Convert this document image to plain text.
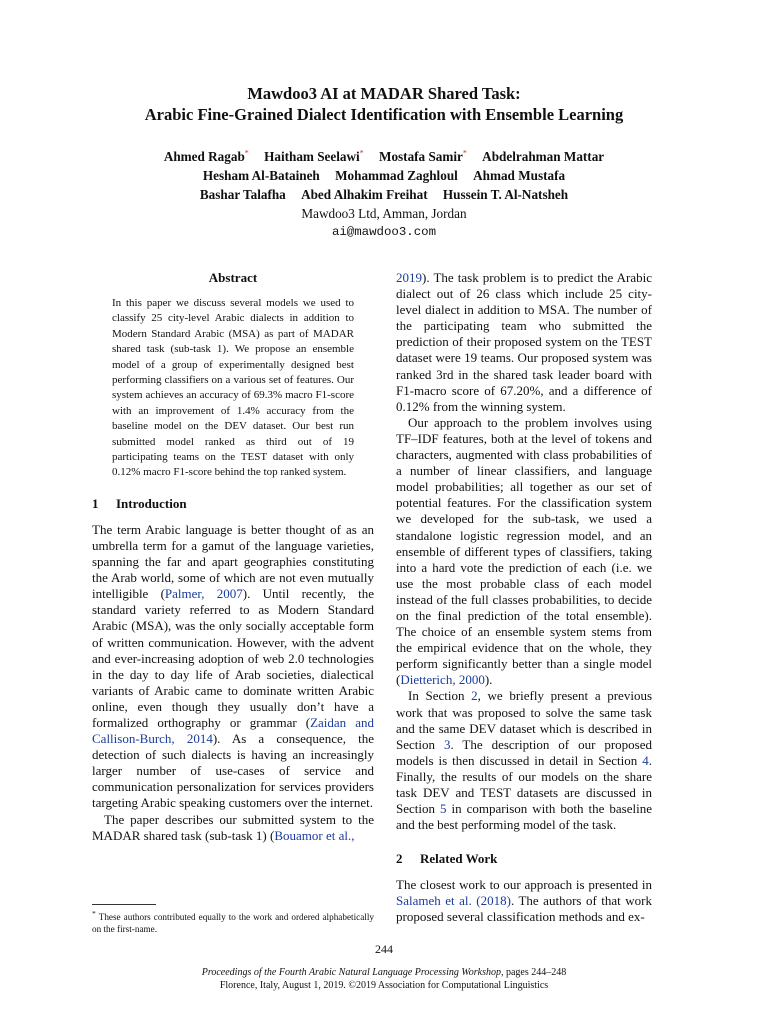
Mawdoo3 AI at MADAR Shared Task:
Arabic Fine-Grained Dialect Identification with Ensemble Learning
Ahmed Ragab* Haitham Seelawi* Mostafa Samir* Abdelrahman Mattar
Hesham Al-Bataineh Mohammad Zaghloul Ahmad Mustafa
Bashar Talafha Abed Alhakim Freihat Hussein T. Al-Natsheh
Mawdoo3 Ltd, Amman, Jordan
ai@mawdoo3.com
Abstract
In this paper we discuss several models we used to classify 25 city-level Arabic dialects in addition to Modern Standard Arabic (MSA) as part of MADAR shared task (sub-task 1). We propose an ensemble model of a group of experimentally designed best performing classifiers on a various set of features. Our system achieves an accuracy of 69.3% macro F1-score with an improvement of 1.4% accuracy from the baseline model on the DEV dataset. Our best run submitted model ranked as third out of 19 participating teams on the TEST dataset with only 0.12% macro F1-score behind the top ranked system.
1 Introduction

The term Arabic language is better thought of as an umbrella term for a gamut of the language varieties, spanning the far and apart geographies constituting the Arab world, some of which are not even mutually intelligible (Palmer, 2007). Until recently, the standard variety referred to as Modern Standard Arabic (MSA), was the only socially acceptable form of written communication. However, with the advent and ever-increasing adoption of web 2.0 technologies in the day to day life of Arab societies, dialectical variants of Arabic came to dominate written Arabic online, even though they usually don’t have a formalized orthography or grammar (Zaidan and Callison-Burch, 2014). As a consequence, the detection of such dialects is having an increasingly larger number of use-cases of service and communication personalization for services providers targeting Arabic speaking customers over the internet.

The paper describes our submitted system to the MADAR shared task (sub-task 1) (Bouamor et al.,

2019). The task problem is to predict the Arabic dialect out of 26 class which include 25 city-level dialect in addition to MSA. The number of the participating team who submitted the prediction of their proposed system on the TEST dataset were 19 teams. Our proposed system was ranked 3rd in the shared task leader board with F1-macro score of 67.20%, and a difference of 0.12% from the winning system.

Our approach to the problem involves using TF–IDF features, both at the level of tokens and characters, augmented with class probabilities of a number of linear classifiers, and language model probabilities; all together as our set of potential features. For the classification system we developed for the sub-task, we used a standalone logistic regression model, and an ensemble of different types of classifiers, taking into a hard vote the prediction of each (i.e. we use the most probable class of each model instead of the full classes probabilities, to decide on the final prediction of the total ensemble). The choice of an ensemble system stems from the empirical evidence that on the whole, they perform significantly better than a single model (Dietterich, 2000).

In Section 2, we briefly present a previous work that was proposed to solve the same task and the same DEV dataset which is described in Section 3. The description of our proposed models is then discussed in detail in Section 4. Finally, the results of our models on the share task DEV and TEST datasets are discussed in Section 5 in comparison with both the baseline and the best performing model of the task.

2 Related Work

The closest work to our approach is presented in Salameh et al. (2018). The authors of that work proposed several classification methods and ex-

* These authors contributed equally to the work and ordered alphabetically on the first-name.
244
Proceedings of the Fourth Arabic Natural Language Processing Workshop, pages 244–248
Florence, Italy, August 1, 2019. ©2019 Association for Computational Linguistics
